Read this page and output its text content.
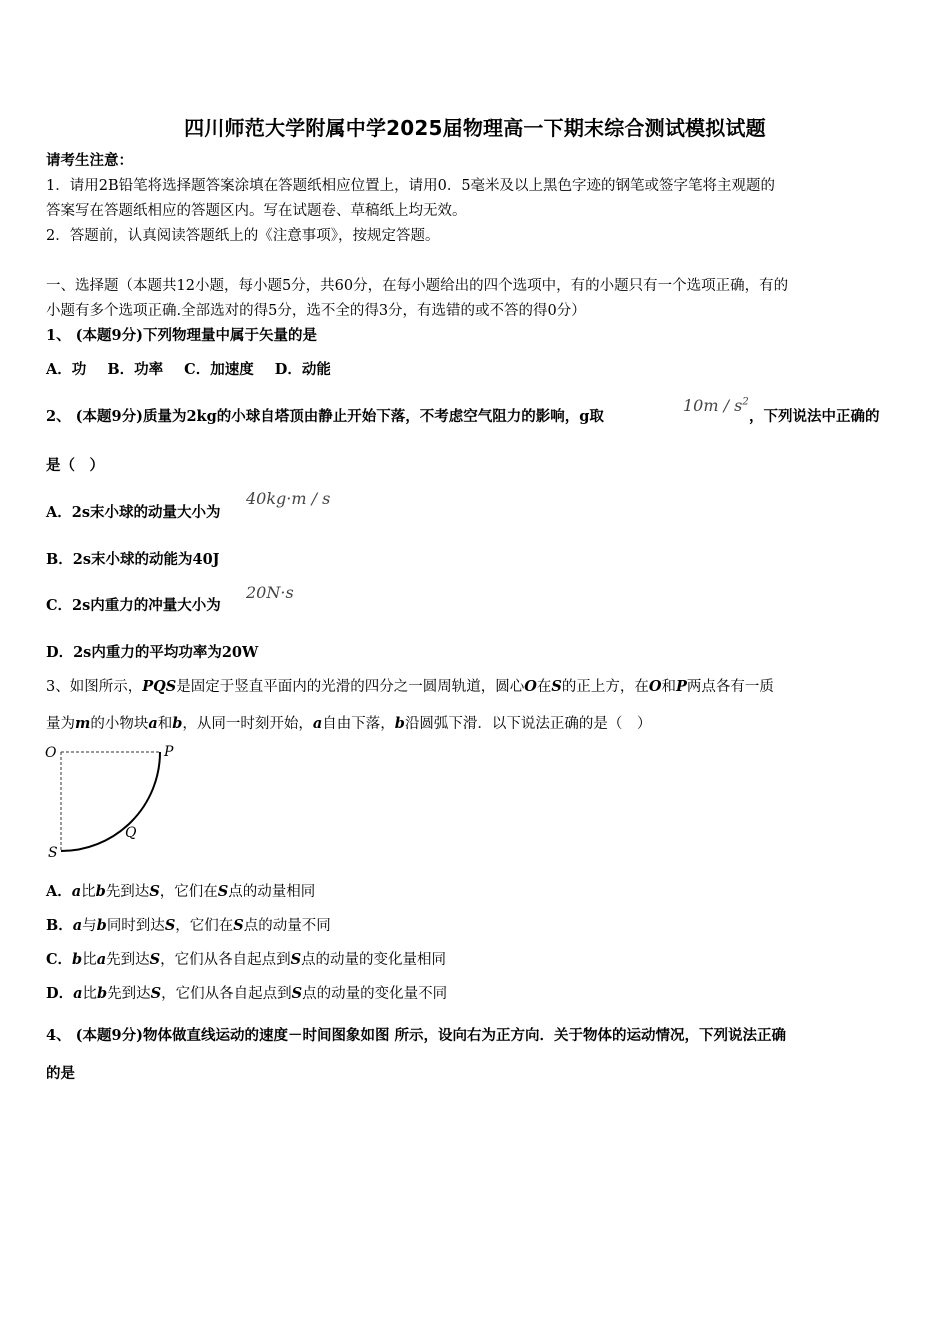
四川师范大学附属中学2025届物理高一下期末综合测试模拟试题
请考生注意：
1．请用2B铅笔将选择题答案涂填在答题纸相应位置上，请用0．5毫米及以上黑色字迹的钢笔或签字笔将主观题的
答案写在答题纸相应的答题区内。写在试题卷、草稿纸上均无效。
2．答题前，认真阅读答题纸上的《注意事项》，按规定答题。
一、选择题（本题共12小题，每小题5分，共60分，在每小题给出的四个选项中，有的小题只有一个选项正确，有的
小题有多个选项正确.全部选对的得5分，选不全的得3分，有选错的或不答的得0分）
1、 (本题9分)下列物理量中属于矢量的是
A．功 B．功率 C．加速度 D．动能
2、 (本题9分)质量为2kg的小球自塔顶由静止开始下落，不考虑空气阻力的影响，g取
$10m / s^2$
，下列说法中正确的
是（　）
A．2s末小球的动量大小为
40kg·m / s
B．2s末小球的动能为40J
C．2s内重力的冲量大小为
20N·s
D．2s内重力的平均功率为20W
3、如图所示，PQS是固定于竖直平面内的光滑的四分之一圆周轨道，圆心O在S的正上方，在O和P两点各有一质
量为m的小物块a和b，从同一时刻开始，a自由下落，b沿圆弧下滑．以下说法正确的是（　）
O	P
Q
S
A．a比b先到达S，它们在S点的动量相同
B．a与b同时到达S，它们在S点的动量不同
C．b比a先到达S，它们从各自起点到S点的动量的变化量相同
D．a比b先到达S，它们从各自起点到S点的动量的变化量不同
4、 (本题9分)物体做直线运动的速度－时间图象如图 所示，设向右为正方向．关于物体的运动情况，下列说法正确
的是
